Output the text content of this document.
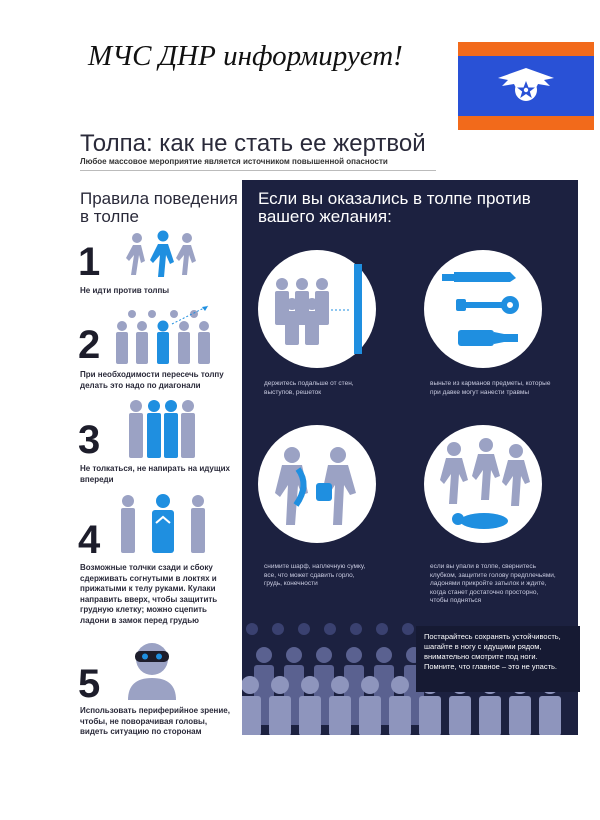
МЧС ДНР информирует!
Толпа: как не стать ее жертвой
Любое массовое мероприятие является источником повышенной опасности
Правила поведения в толпе
1
Не идти против толпы
2
При необходимости пересечь толпу делать это надо по диагонали
3
Не толкаться, не напирать на идущих впереди
4
Возможные толчки сзади и сбоку сдерживать согнутыми в локтях и прижатыми к телу руками. Кулаки направить вверх, чтобы защитить грудную клетку; можно сцепить ладони в замок перед грудью
5
Использовать периферийное зрение, чтобы, не поворачивая головы, видеть ситуацию по сторонам
Если вы оказались в толпе против вашего желания:
держитесь подальше от стен, выступов, решеток
выньте из карманов предметы, которые при давке могут нанести травмы
снимите шарф, наплечную сумку, все, что может сдавить горло, грудь, конечности
если вы упали в толпе, свернитесь клубком, защитите голову предплечьями, ладонями прикройте затылок и ждите, когда станет достаточно просторно, чтобы подняться
Постарайтесь сохранять устойчивость, шагайте в ногу с идущими рядом, внимательно смотрите под ноги. Помните, что главное – это не упасть.
